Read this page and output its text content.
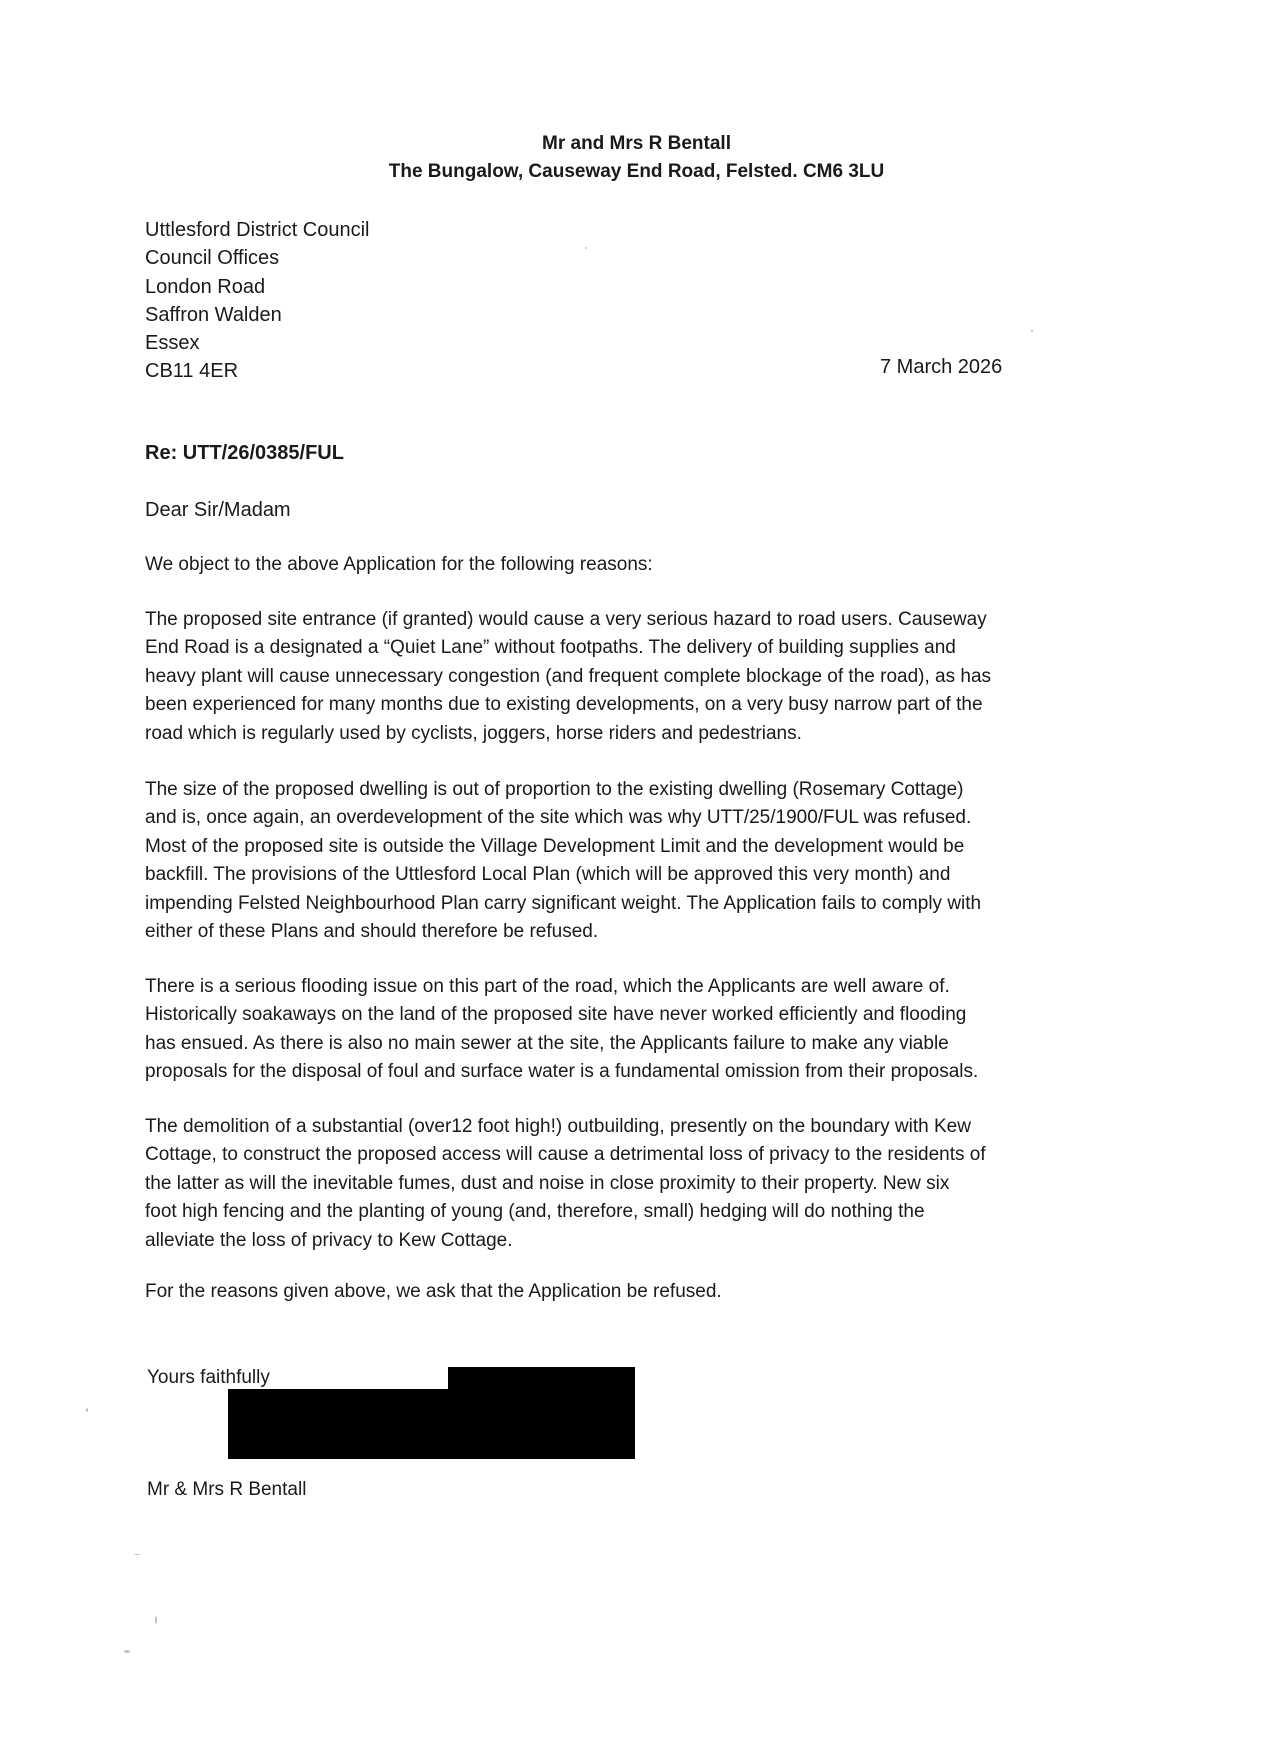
Mr and Mrs R Bentall
The Bungalow, Causeway End Road, Felsted. CM6 3LU
Uttlesford District Council
Council Offices
London Road
Saffron Walden
Essex
CB11 4ER	7 March 2026
Re: UTT/26/0385/FUL
Dear Sir/Madam

We object to the above Application for the following reasons:

The proposed site entrance (if granted) would cause a very serious hazard to road users. Causeway
End Road is a designated a “Quiet Lane” without footpaths. The delivery of building supplies and
heavy plant will cause unnecessary congestion (and frequent complete blockage of the road), as has
been experienced for many months due to existing developments, on a very busy narrow part of the
road which is regularly used by cyclists, joggers, horse riders and pedestrians.

The size of the proposed dwelling is out of proportion to the existing dwelling (Rosemary Cottage)
and is, once again, an overdevelopment of the site which was why UTT/25/1900/FUL was refused.
Most of the proposed site is outside the Village Development Limit and the development would be
backfill. The provisions of the Uttlesford Local Plan (which will be approved this very month) and
impending Felsted Neighbourhood Plan carry significant weight. The Application fails to comply with
either of these Plans and should therefore be refused.

There is a serious flooding issue on this part of the road, which the Applicants are well aware of.
Historically soakaways on the land of the proposed site have never worked efficiently and flooding
has ensued. As there is also no main sewer at the site, the Applicants failure to make any viable
proposals for the disposal of foul and surface water is a fundamental omission from their proposals.

The demolition of a substantial (over12 foot high!) outbuilding, presently on the boundary with Kew
Cottage, to construct the proposed access will cause a detrimental loss of privacy to the residents of
the latter as will the inevitable fumes, dust and noise in close proximity to their property. New six
foot high fencing and the planting of young (and, therefore, small) hedging will do nothing the
alleviate the loss of privacy to Kew Cottage.

For the reasons given above, we ask that the Application be refused.

Yours faithfully
Mr & Mrs R Bentall
